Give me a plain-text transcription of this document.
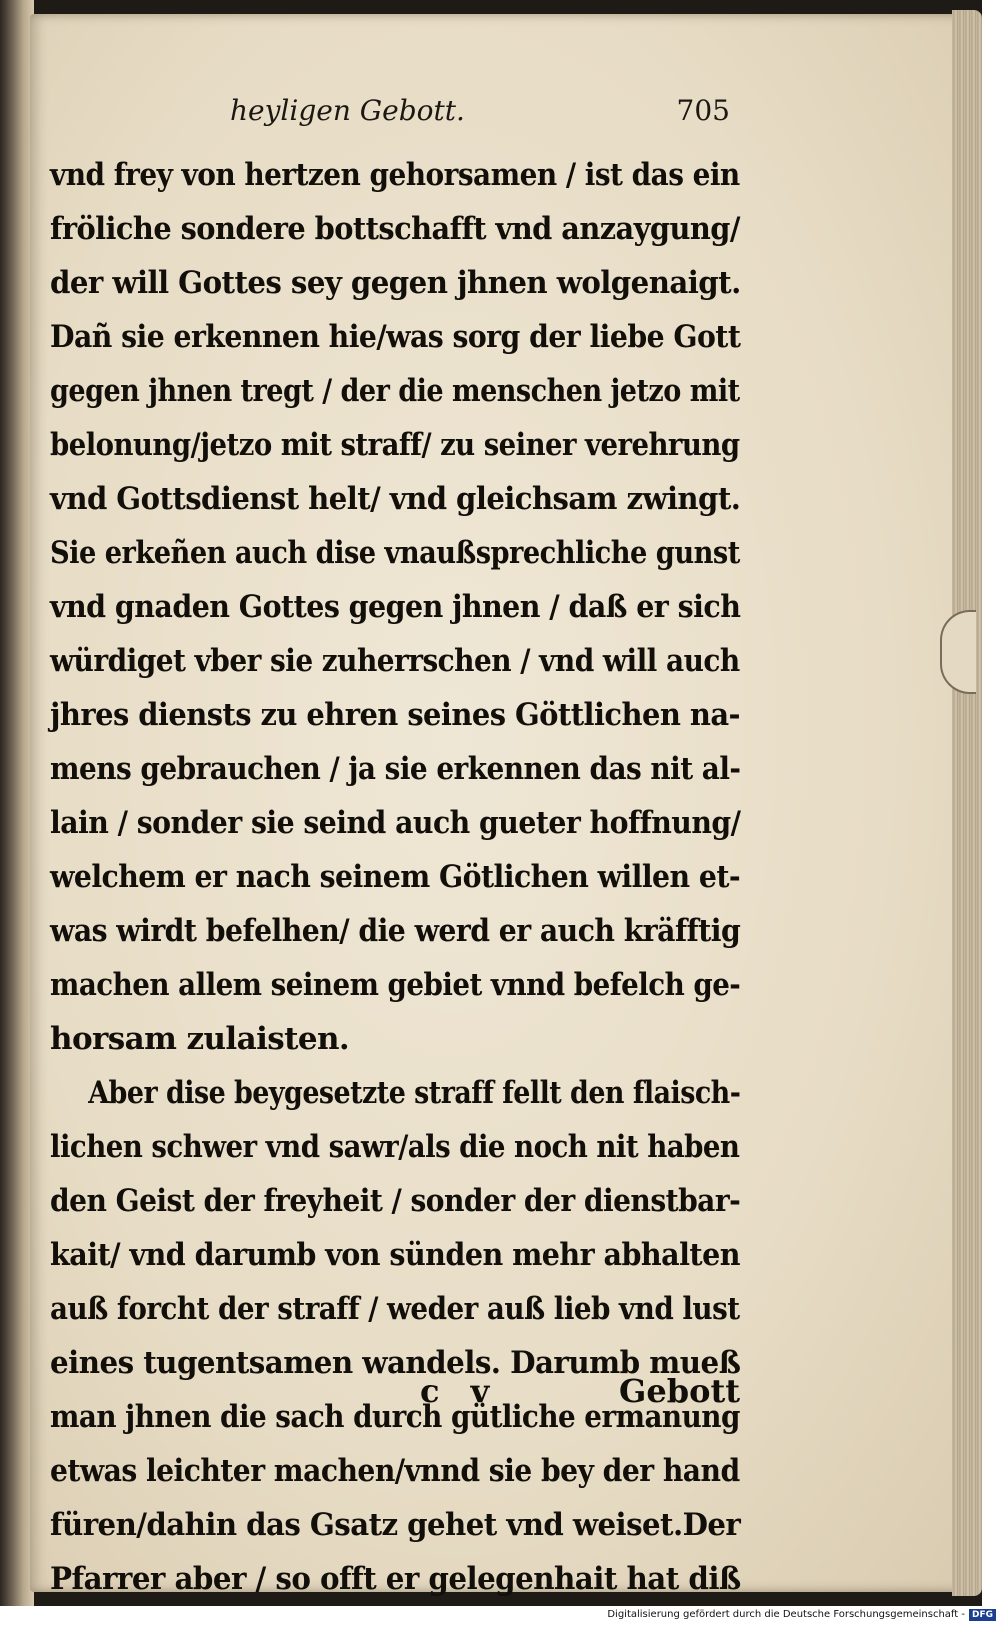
heyligen Gebott.	705
vnd frey von hertzen gehorsamen / ist das ein
fröliche sondere bottschafft vnd anzaygung/
der will Gottes sey gegen jhnen wolgenaigt.
Dañ sie erkennen hie/was sorg der liebe Gott
gegen jhnen tregt / der die menschen jetzo mit
belonung/jetzo mit straff/ zu seiner verehrung
vnd Gottsdienst helt/ vnd gleichsam zwingt.
Sie erkeñen auch dise vnaußsprechliche gunst
vnd gnaden Gottes gegen jhnen / daß er sich
würdiget vber sie zuherrschen / vnd will auch
jhres diensts zu ehren seines Göttlichen na-
mens gebrauchen / ja sie erkennen das nit al-
lain / sonder sie seind auch gueter hoffnung/
welchem er nach seinem Götlichen willen et-
was wirdt befelhen/ die werd er auch kräfftig
machen allem seinem gebiet vnnd befelch ge-
horsam zulaisten.
Aber dise beygesetzte straff fellt den flaisch-
lichen schwer vnd sawr/als die noch nit haben
den Geist der freyheit / sonder der dienstbar-
kait/ vnd darumb von sünden mehr abhalten
auß forcht der straff / weder auß lieb vnd lust
eines tugentsamen wandels. Darumb mueß
man jhnen die sach durch gütliche ermanung
etwas leichter machen/vnnd sie bey der hand
füren/dahin das Gsatz gehet vnd weiset.Der
Pfarrer aber / so offt er gelegenhait hat diß
c v	Gebott
Digitalisierung gefördert durch die Deutsche Forschungsgemeinschaft - DFG
